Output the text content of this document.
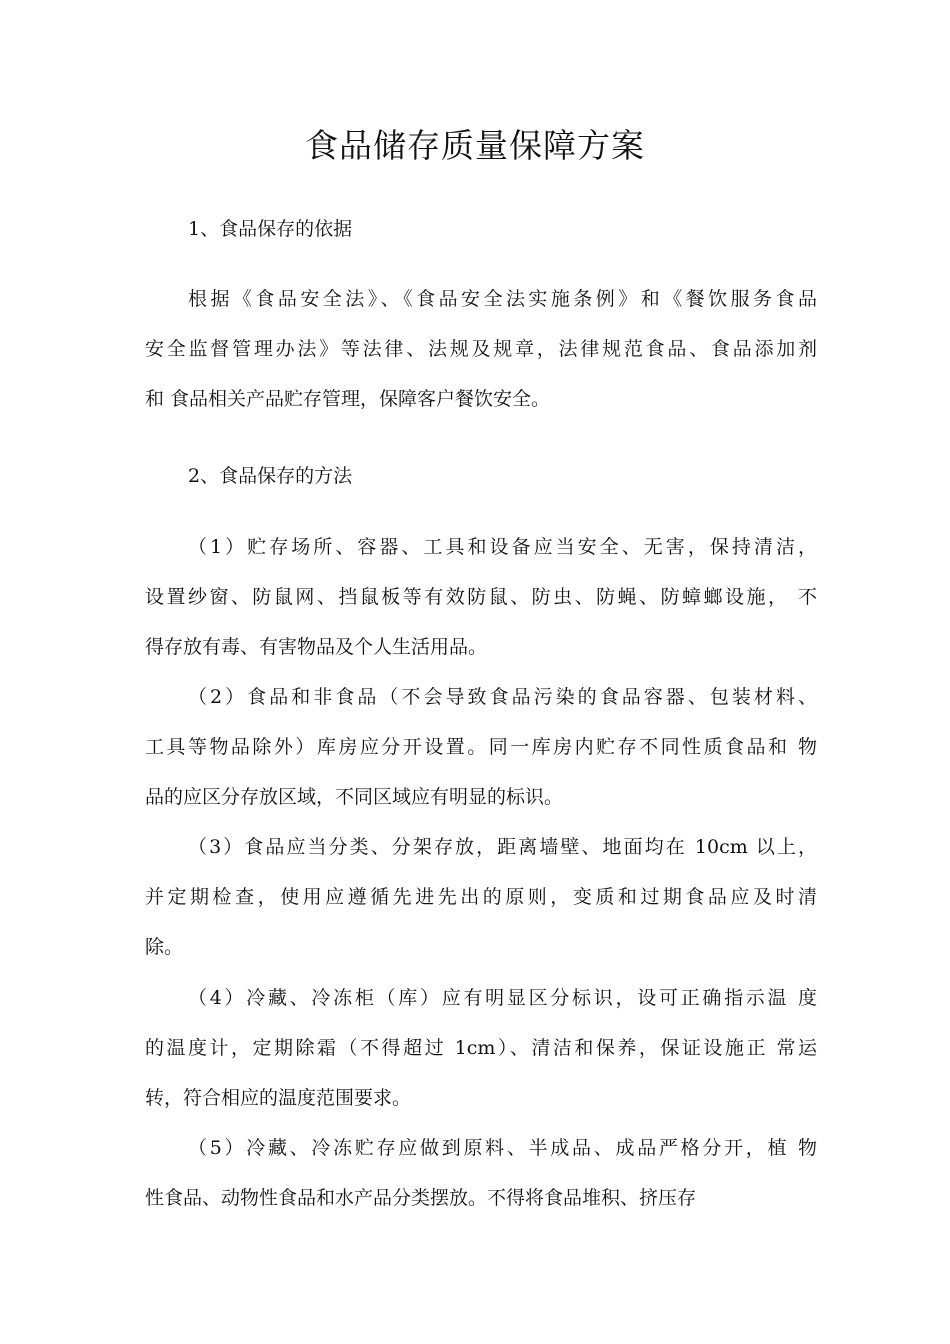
食品储存质量保障方案

1、食品保存的依据

根据《食品安全法》、《食品安全法实施条例》和《餐饮服务食品
安全监督管理办法》等法律、法规及规章，法律规范食品、食品添加剂
和 食品相关产品贮存管理，保障客户餐饮安全。

2、食品保存的方法

（1）贮存场所、容器、工具和设备应当安全、无害，保持清洁，
设置纱窗、防鼠网、挡鼠板等有效防鼠、防虫、防蝇、防蟑螂设施， 不
得存放有毒、有害物品及个人生活用品。
（2）食品和非食品（不会导致食品污染的食品容器、包装材料、
工具等物品除外）库房应分开设置。同一库房内贮存不同性质食品和 物
品的应区分存放区域，不同区域应有明显的标识。
（3）食品应当分类、分架存放，距离墙壁、地面均在 10cm 以上，
并定期检查，使用应遵循先进先出的原则，变质和过期食品应及时清
除。
（4）冷藏、冷冻柜（库）应有明显区分标识，设可正确指示温 度
的温度计，定期除霜（不得超过 1cm）、清洁和保养，保证设施正 常运
转，符合相应的温度范围要求。
（5）冷藏、冷冻贮存应做到原料、半成品、成品严格分开，植 物
性食品、动物性食品和水产品分类摆放。不得将食品堆积、挤压存
